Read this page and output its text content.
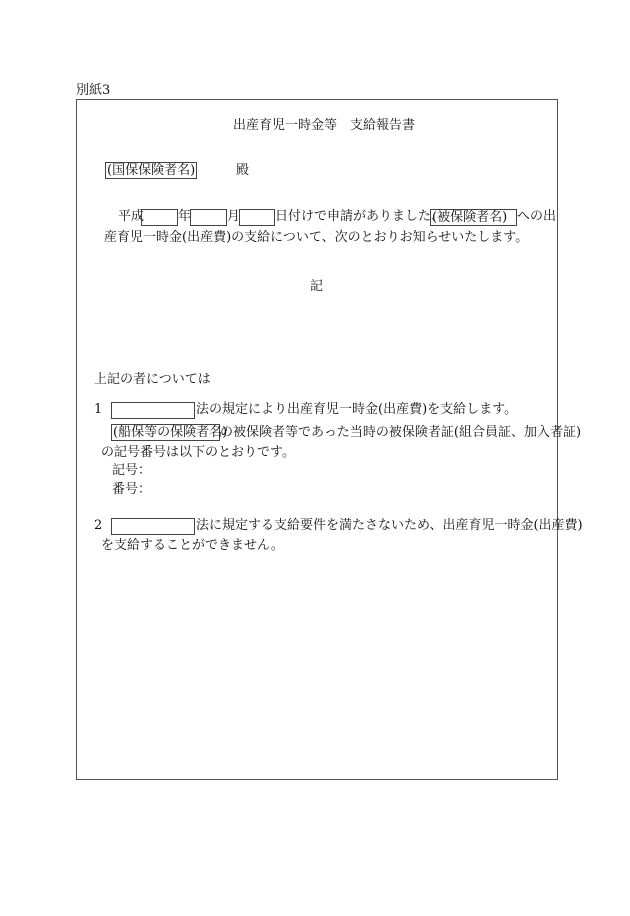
別紙3
出産育児一時金等　支給報告書
(国保保険者名)	殿
平成	年	月	日付けで申請がありました、
(被保険者名) への出
産育児一時金(出産費)の支給について、次のとおりお知らせいたします。
記
上記の者については
1	法の規定により出産育児一時金(出産費)を支給します。
(船保等の保険者名)
の被保険者等であった当時の被保険者証(組合員証、加入者証)
の記号番号は以下のとおりです。
記号：
番号：
2	法に規定する支給要件を満たさないため、出産育児一時金(出産費)
を支給することができません。
